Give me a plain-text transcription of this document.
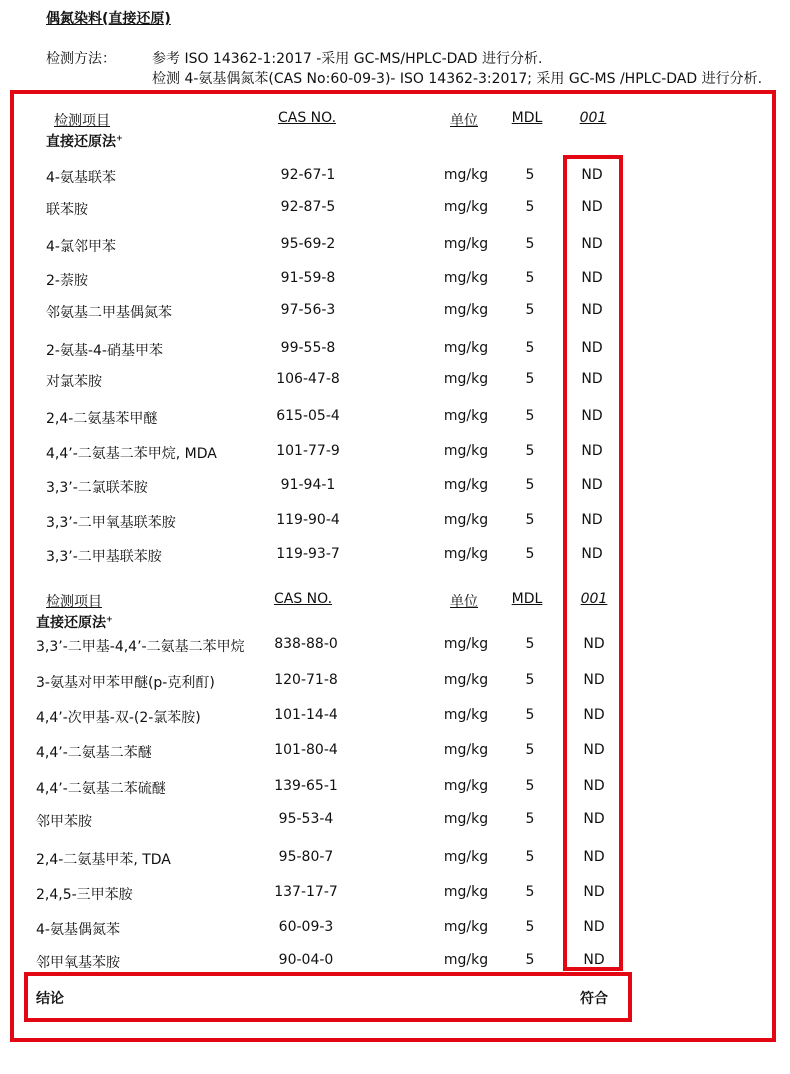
偶氮染料(直接还原)
检测方法：	参考 ISO 14362-1:2017 -采用 GC-MS/HPLC-DAD 进行分析.
检测 4-氨基偶氮苯(CAS No:60-09-3)- ISO 14362-3:2017; 采用 GC-MS /HPLC-DAD 进行分析.
检测项目	CAS NO.	单位 MDL	001
直接还原法+
4-氨基联苯	92-67-1	mg/kg	5	ND
联苯胺	92-87-5	mg/kg	5	ND
4-氯邻甲苯	95-69-2	mg/kg	5	ND
2-萘胺	91-59-8	mg/kg	5	ND
邻氨基二甲基偶氮苯	97-56-3	mg/kg	5	ND
2-氨基-4-硝基甲苯	99-55-8	mg/kg	5	ND
对氯苯胺	106-47-8	mg/kg	5	ND
2,4-二氨基苯甲醚	615-05-4	mg/kg	5	ND
4,4’-二氨基二苯甲烷, MDA	101-77-9	mg/kg	5	ND
3,3’-二氯联苯胺	91-94-1	mg/kg	5	ND
3,3’-二甲氧基联苯胺	119-90-4	mg/kg	5	ND
3,3’-二甲基联苯胺	119-93-7	mg/kg	5	ND
检测项目	CAS NO.	单位 MDL	001
直接还原法+
3,3’-二甲基-4,4’-二氨基二苯甲烷 838-88-0	mg/kg	5	ND
3-氨基对甲苯甲醚(p-克利酊)	120-71-8	mg/kg	5	ND
4,4’-次甲基-双-(2-氯苯胺)	101-14-4	mg/kg	5	ND
4,4’-二氨基二苯醚	101-80-4	mg/kg	5	ND
4,4’-二氨基二苯硫醚	139-65-1	mg/kg	5	ND
邻甲苯胺	95-53-4	mg/kg	5	ND
2,4-二氨基甲苯, TDA	95-80-7	mg/kg	5	ND
2,4,5-三甲苯胺	137-17-7	mg/kg	5	ND
4-氨基偶氮苯	60-09-3	mg/kg	5	ND
邻甲氧基苯胺	90-04-0	mg/kg	5	ND
结论	符合
